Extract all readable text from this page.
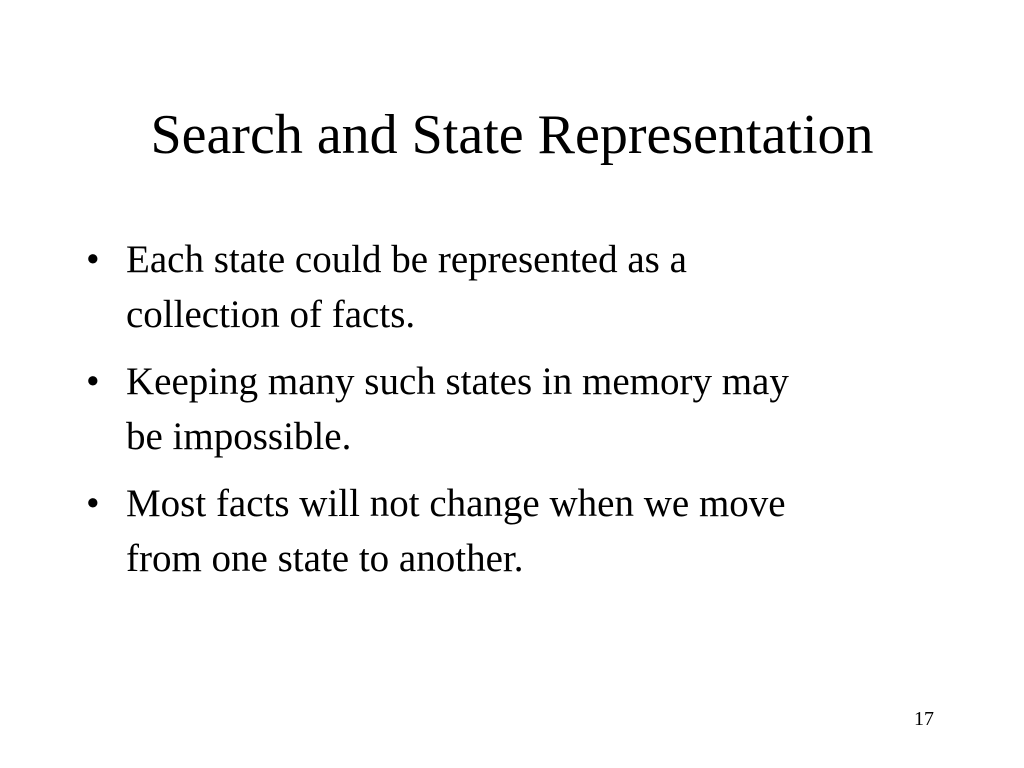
Search and State Representation
• Each state could be represented as a
collection of facts.
• Keeping many such states in memory may
be impossible.
• Most facts will not change when we move
from one state to another.
17
